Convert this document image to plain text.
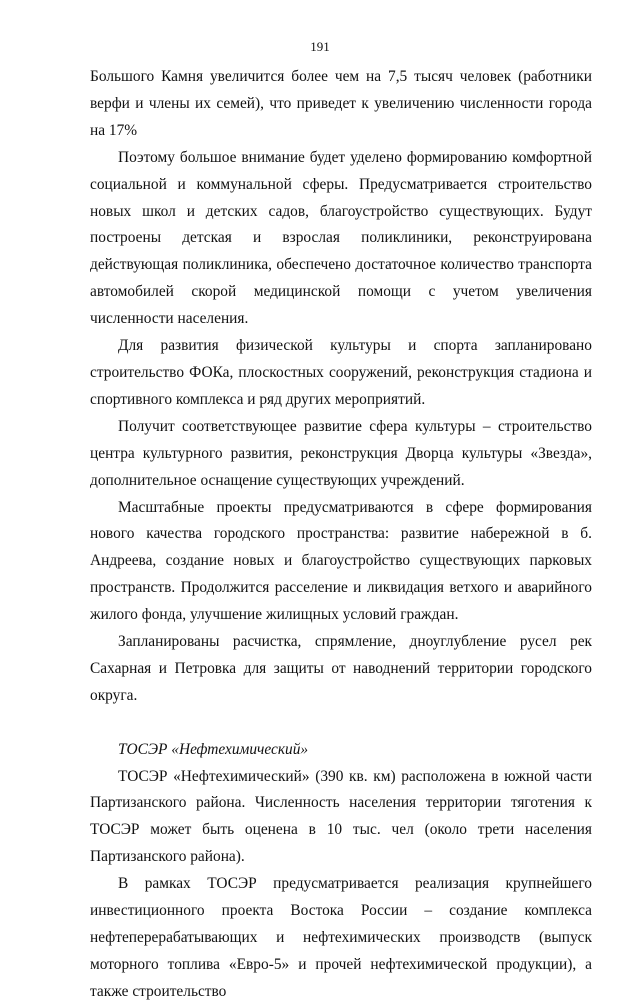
191

Большого Камня увеличится более чем на 7,5 тысяч человек (работники верфи и члены их семей), что приведет к увеличению численности города на 17%

Поэтому большое внимание будет уделено формированию комфортной социальной и коммунальной сферы. Предусматривается строительство новых школ и детских садов, благоустройство существующих. Будут построены детская и взрослая поликлиники, реконструирована действующая поликлиника, обеспечено достаточное количество транспорта автомобилей скорой медицинской помощи с учетом увеличения численности населения.

Для развития физической культуры и спорта запланировано строительство ФОКа, плоскостных сооружений, реконструкция стадиона и спортивного комплекса и ряд других мероприятий.

Получит соответствующее развитие сфера культуры – строительство центра культурного развития, реконструкция Дворца культуры «Звезда», дополнительное оснащение существующих учреждений.

Масштабные проекты предусматриваются в сфере формирования нового качества городского пространства: развитие набережной в б. Андреева, создание новых и благоустройство существующих парковых пространств. Продолжится расселение и ликвидация ветхого и аварийного жилого фонда, улучшение жилищных условий граждан.

Запланированы расчистка, спрямление, дноуглубление русел рек Сахарная и Петровка для защиты от наводнений территории городского округа.

ТОСЭР «Нефтехимический»

ТОСЭР «Нефтехимический» (390 кв. км) расположена в южной части Партизанского района. Численность населения территории тяготения к ТОСЭР может быть оценена в 10 тыс. чел (около трети населения Партизанского района).

В рамках ТОСЭР предусматривается реализация крупнейшего инвестиционного проекта Востока России – создание комплекса нефтеперерабатывающих и нефтехимических производств (выпуск моторного топлива «Евро-5» и прочей нефтехимической продукции), а также строительство
